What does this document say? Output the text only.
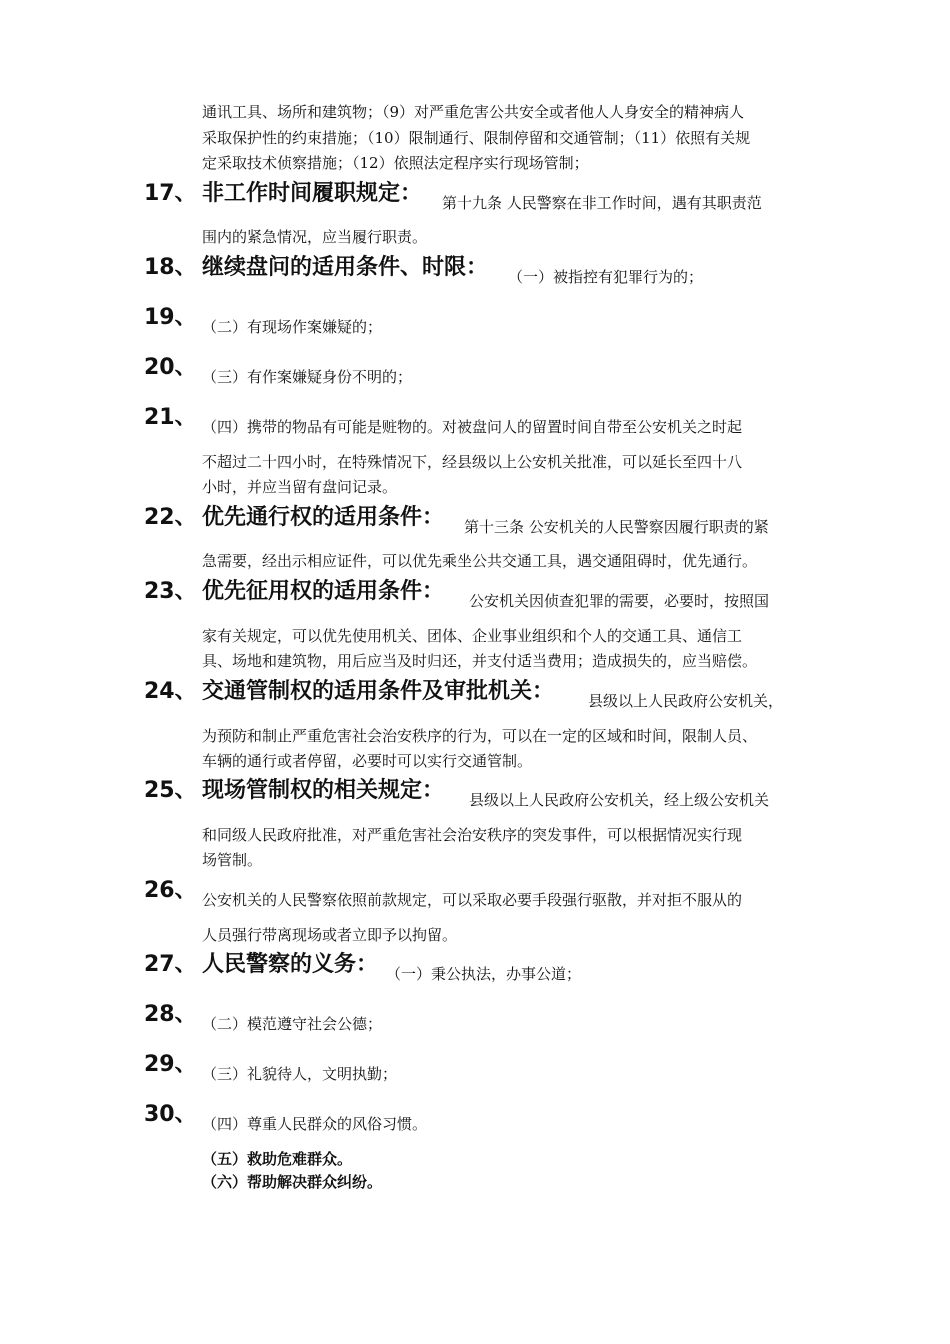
通讯工具、场所和建筑物；（9）对严重危害公共安全或者他人人身安全的精神病人
采取保护性的约束措施；（10）限制通行、限制停留和交通管制；（11）依照有关规
定采取技术侦察措施；（12）依照法定程序实行现场管制；
17、 非工作时间履职规定： 第十九条 人民警察在非工作时间，遇有其职责范
围内的紧急情况，应当履行职责。
18、 继续盘问的适用条件、时限： （一）被指控有犯罪行为的；
19、 （二）有现场作案嫌疑的；
20、 （三）有作案嫌疑身份不明的；
21、 （四）携带的物品有可能是赃物的。对被盘问人的留置时间自带至公安机关之时起
不超过二十四小时，在特殊情况下，经县级以上公安机关批准，可以延长至四十八
小时，并应当留有盘问记录。
22、 优先通行权的适用条件： 第十三条 公安机关的人民警察因履行职责的紧
急需要，经出示相应证件，可以优先乘坐公共交通工具，遇交通阻碍时，优先通行。
23、 优先征用权的适用条件： 公安机关因侦查犯罪的需要，必要时，按照国
家有关规定，可以优先使用机关、团体、企业事业组织和个人的交通工具、通信工
具、场地和建筑物，用后应当及时归还，并支付适当费用；造成损失的，应当赔偿。
24、 交通管制权的适用条件及审批机关： 县级以上人民政府公安机关，
为预防和制止严重危害社会治安秩序的行为，可以在一定的区域和时间，限制人员、
车辆的通行或者停留，必要时可以实行交通管制。
25、 现场管制权的相关规定： 县级以上人民政府公安机关，经上级公安机关
和同级人民政府批准，对严重危害社会治安秩序的突发事件，可以根据情况实行现
场管制。
26、 公安机关的人民警察依照前款规定，可以采取必要手段强行驱散，并对拒不服从的
人员强行带离现场或者立即予以拘留。
27、 人民警察的义务： （一）秉公执法，办事公道；
28、 （二）模范遵守社会公德；
29、 （三）礼貌待人，文明执勤；
30、 （四）尊重人民群众的风俗习惯。
（五）救助危难群众。
（六）帮助解决群众纠纷。
